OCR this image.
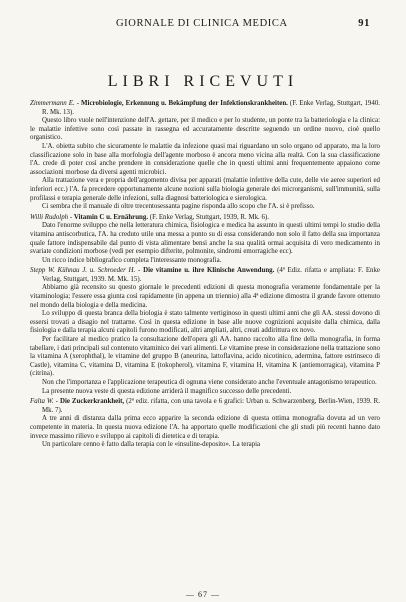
GIORNALE DI CLINICA MEDICA	91
LIBRI RICEVUTI

Zimmermann E. - Microbiologie, Erkennung u. Bekämpfung der Infektionskrankheiten. (F. Enke Verlag, Stuttgart, 1940. R. Mk. 13).

Questo libro vuole nell'intenzione dell'A. gettare, per il medico e per lo studente, un ponte tra la batteriologia e la clinica: le malattie infettive sono così passate in rassegna ed accuratamente descritte seguendo un ordine nuovo, cioè quello organistico.

L'A. obietta subito che sicuramente le malattie da infezione quasi mai riguardano un solo organo od apparato, ma la loro classificazione solo in base alla morfologia dell'agente morboso è ancora meno vicina alla realtà. Con la sua classificazione l'A. crede di poter così anche prendere in considerazione quelle che in questi ultimi anni frequentemente appaiono come associazioni morbose da diversi agenti microbici.

Alla trattazione vera e propria dell'argomento divisa per apparati (malattie infettive della cute, delle vie aeree superiori ed inferiori ecc.) l'A. fa precedere opportunamente alcune nozioni sulla biologia generale dei microrganismi, sull'immunità, sulla profilassi e terapia generale delle infezioni, sulla diagnosi batteriologica e sierologica.

Ci sembra che il manuale di oltre trecentosessanta pagine risponda allo scopo che l'A. si è prefisso.

Willi Rudolph - Vitamin C u. Ernährung. (F. Enke Verlag, Stuttgart, 1939, R. Mk. 6).

Dato l'enorme sviluppo che nella letteratura chimica, fisiologica e medica ha assunto in questi ultimi tempi lo studio della vitamina antiscorbutica, l'A. ha creduto utile una messa a punto su di essa considerando non solo il fatto della sua importanza quale fattore indispensabile dal punto di vista alimentare bensì anche la sua qualità ormai acquisita di vero medicamento in svariate condizioni morbose (vedi per esempio difterite, polmonite, sindromi emorragiche ecc).

Un ricco indice bibliografico completa l'interessante monografia.

Stepp W. Kühnau J. u. Schroeder H. - Die vitamine u. ihre Klinische Anwendung. (4ª Ediz. rifatta e ampliata: F. Enke Verlag, Stuttgart, 1939. M. Mk. 15).

Abbiamo già recensito su questo giornale le precedenti edizioni di questa monografia veramente fondamentale per la vitaminologia; l'essere essa giunta così rapidamente (in appena un triennio) alla 4ª edizione dimostra il grande favore ottenuto nel mondo della biologia e della medicina.

Lo sviluppo di questa branca della biologia è stato talmente vertiginoso in questi ultimi anni che gli AA. stessi dovono di essersi trovati a disagio nel trattarne. Così in questa edizione in base alle nuove cognizioni acquisite dalla chimica, dalla fisiologia e dalla terapia alcuni capitoli furono modificati, altri ampliati, altri, creati addirittura ex novo.

Per facilitare al medico pratico la consultazione dell'opera gli AA. hanno raccolto alla fine della monografia, in forma tabellare, i dati principali sul contenuto vitaminico dei vari alimenti. Le vitamine prese in considerazione nella trattazione sono la vitamina A (xerophthal), le vitamine del gruppo B (aneurina, lattoflavina, acido nicotinico, adermina, fattore estrinseco di Castle), vitamina C, vitamina D, vitamina E (tokopherol), vitamina F, vitamina H, vitamina K (antiemorragica), vitamina P (citrina).

Non che l'importanza e l'applicazione terapeutica di ognuna viene considerato anche l'eventuale antagonismo terapeutico.

La presente nuova veste di questa edizione arriderà il magnifico successo delle precedenti.

Falta W. - Die Zuckerkrankheit, (2ª ediz. rifatta, con una tavola e 6 grafici: Urban u. Schwarzenberg, Berlin-Wien, 1939. R. Mk. 7).

A tre anni di distanza dalla prima ecco apparire la seconda edizione di questa ottima monografia dovuta ad un vero competente in materia. In questa nuova edizione l'A. ha apportato quelle modificazioni che gli studi più recenti hanno dato invece massimo rilievo e sviluppo ai capitoli di dietetica e di terapia.

Un particolare cenno è fatto dalla terapia con le «insuline-deposito». La terapia

— 67 —
